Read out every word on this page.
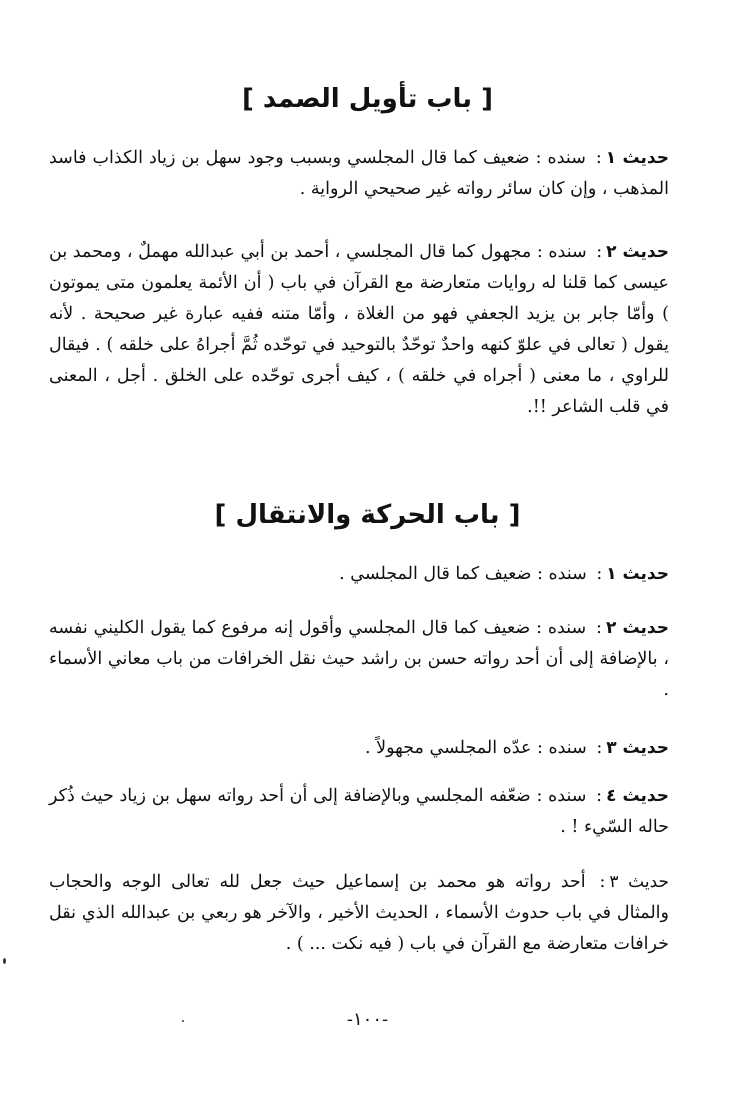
[ باب تأويل الصمد ]
حديث ١: سنده : ضعيف كما قال المجلسي وبسبب وجود سهل بن زياد الكذاب فاسد المذهب ، وإن كان سائر رواته غير صحيحي الرواية .
حديث ٢: سنده : مجهول كما قال المجلسي ، أحمد بن أبي عبدالله مهملٌ ، ومحمد بن عيسى كما قلنا له روايات متعارضة مع القرآن في باب ( أن الأئمة يعلمون متى يموتون ) وأمّا جابر بن يزيد الجعفي فهو من الغلاة ، وأمّا متنه ففيه عبارة غير صحيحة . لأنه يقول ( تعالى في علوّ كنهه واحدٌ توحّدٌ بالتوحيد في توحّده ثُمَّ أجراهُ على خلقه ) . فيقال للراوي ، ما معنى ( أجراه في خلقه ) ، كيف أجرى توحّده على الخلق . أجل ، المعنى في قلب الشاعر !!.
[ باب الحركة والانتقال ]
حديث ١: سنده : ضعيف كما قال المجلسي .
حديث ٢: سنده : ضعيف كما قال المجلسي وأقول إنه مرفوع كما يقول الكليني نفسه ، بالإضافة إلى أن أحد رواته حسن بن راشد حيث نقل الخرافات من باب معاني الأسماء .
حديث ٣: سنده : عدّه المجلسي مجهولاً .
حديث ٤: سنده : ضعّفه المجلسي وبالإضافة إلى أن أحد رواته سهل بن زياد حيث ذُكر حاله السّيء ! .
حديث ٣: أحد رواته هو محمد بن إسماعيل حيث جعل لله تعالى الوجه والحجاب والمثال في باب حدوث الأسماء ، الحديث الأخير ، والآخر هو ربعي بن عبدالله الذي نقل خرافات متعارضة مع القرآن في باب ( فيه نكت ... ) .
-١٠٠-
